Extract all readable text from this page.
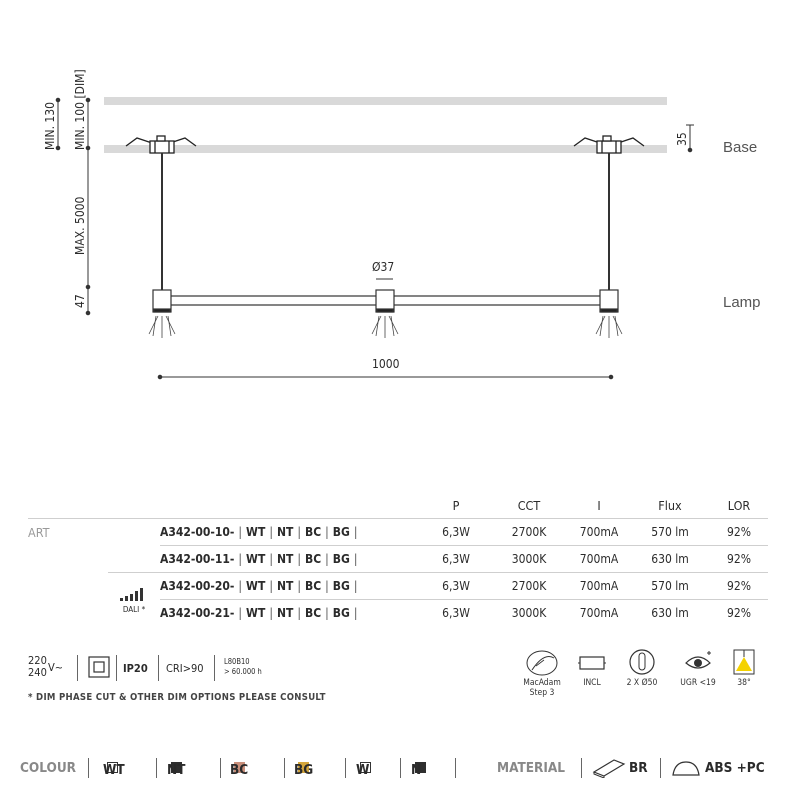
MIN. 130 MIN. 100 [DIM]
MAX. 5000
47
35
Ø37
1000
Base
Lamp
			P	CCT	I	Flux	LOR
ART		A342-00-10- | WT | NT | BC | BG |	6,3W	2700K	700mA	570 lm	92%
		A342-00-11- | WT | NT | BC | BG |	6,3W	3000K	700mA	630 lm	92%

	DALI *	A342-00-20- | WT | NT | BC | BG |	6,3W	2700K	700mA	570 lm	92%
		A342-00-21- | WT | NT | BC | BG |	6,3W	3000K	700mA	630 lm	92%
220
240 V~	IP20 CRI>90
L80B10
> 60.000 h
* DIM PHASE CUT & OTHER DIM OPTIONS PLEASE CONSULT
MacAdam
Step 3
INCL	2 X Ø50	UGR <19	38°
COLOUR WT	NT	BC	BG	W	N	MATERIAL	BR	ABS +PC
